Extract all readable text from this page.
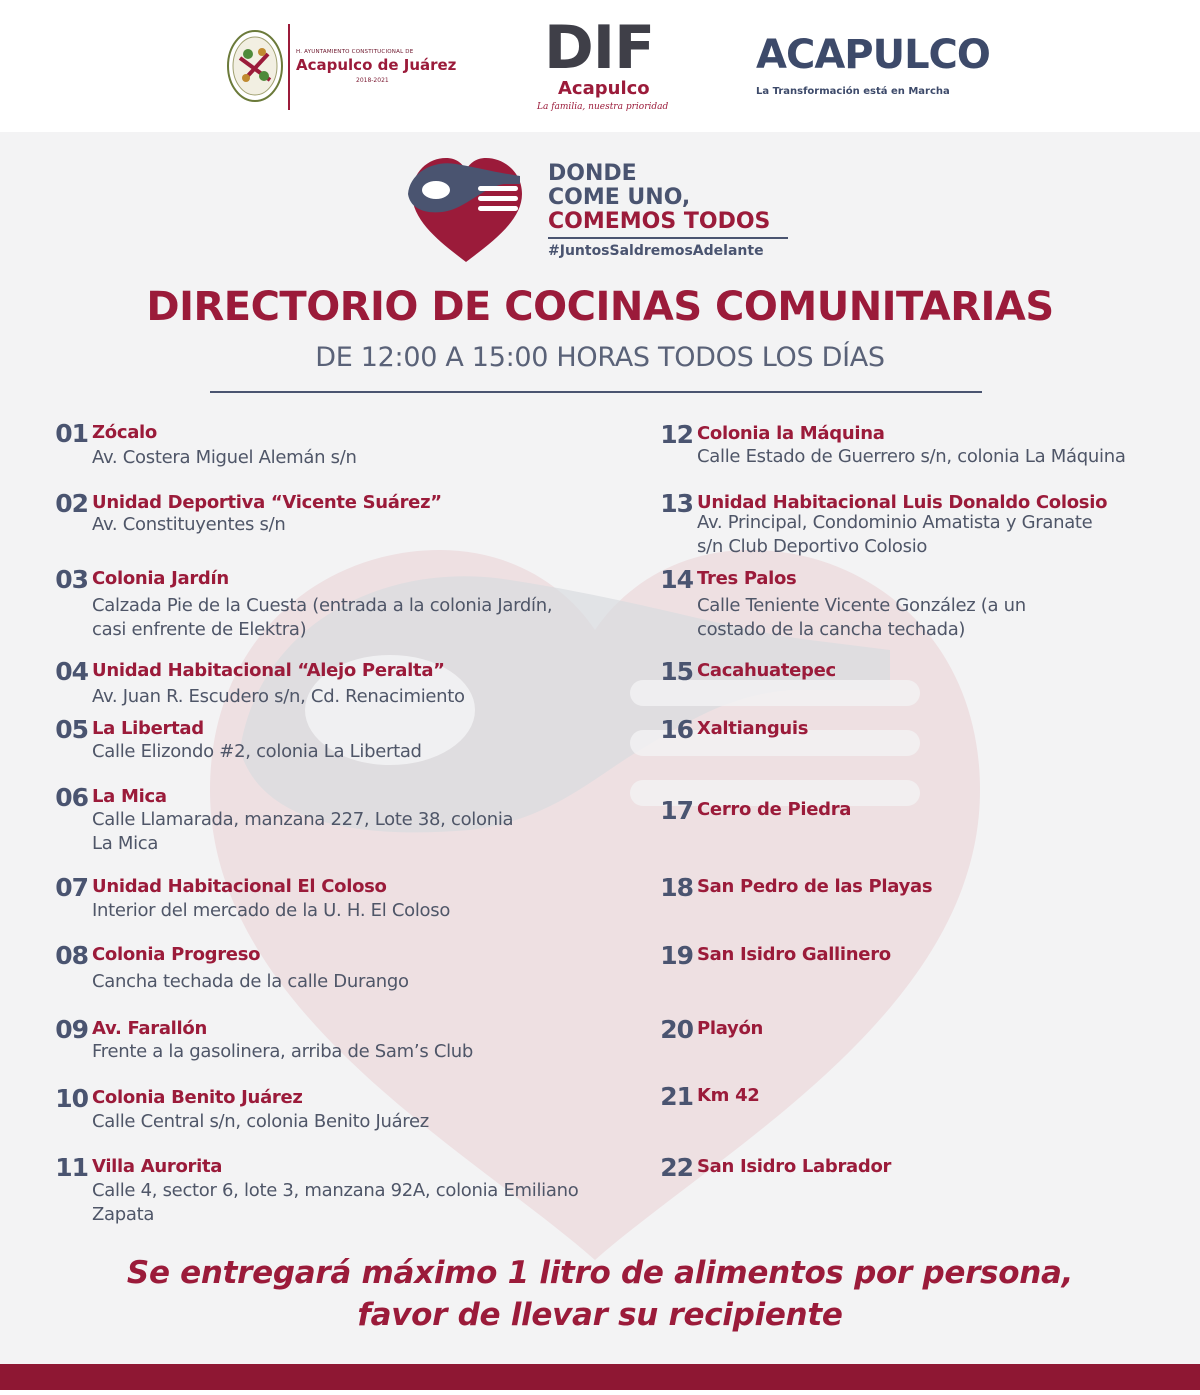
H. AYUNTAMIENTO CONSTITUCIONAL DE
Acapulco de Juárez
2018-2021	DIF
Acapulco
La familia, nuestra prioridad
ACAPULCO
La Transformación está en Marcha
DONDE
COME UNO,
COMEMOS TODOS
#JuntosSaldremosAdelante
DIRECTORIO DE COCINAS COMUNITARIAS
DE 12:00 A 15:00 HORAS TODOS LOS DÍAS
01 Zócalo
Av. Costera Miguel Alemán s/n
02 Unidad Deportiva “Vicente Suárez”
Av. Constituyentes s/n
03 Colonia Jardín
Calzada Pie de la Cuesta (entrada a la colonia Jardín,
casi enfrente de Elektra)
04 Unidad Habitacional “Alejo Peralta”
Av. Juan R. Escudero s/n, Cd. Renacimiento
05 La Libertad
Calle Elizondo #2, colonia La Libertad
06 La Mica
Calle Llamarada, manzana 227, Lote 38, colonia
La Mica
07 Unidad Habitacional El Coloso
Interior del mercado de la U. H. El Coloso
08 Colonia Progreso
Cancha techada de la calle Durango
09 Av. Farallón
Frente a la gasolinera, arriba de Sam’s Club
10 Colonia Benito Juárez
Calle Central s/n, colonia Benito Juárez
11 Villa Aurorita
Calle 4, sector 6, lote 3, manzana 92A, colonia Emiliano
Zapata
12 Colonia la Máquina
Calle Estado de Guerrero s/n, colonia La Máquina
13 Unidad Habitacional Luis Donaldo Colosio
Av. Principal, Condominio Amatista y Granate
s/n Club Deportivo Colosio
14 Tres Palos
Calle Teniente Vicente González (a un
costado de la cancha techada)
15 Cacahuatepec
16 Xaltianguis
17 Cerro de Piedra
18 San Pedro de las Playas
19 San Isidro Gallinero
20 Playón
21 Km 42
22 San Isidro Labrador
Se entregará máximo 1 litro de alimentos por persona,
favor de llevar su recipiente
